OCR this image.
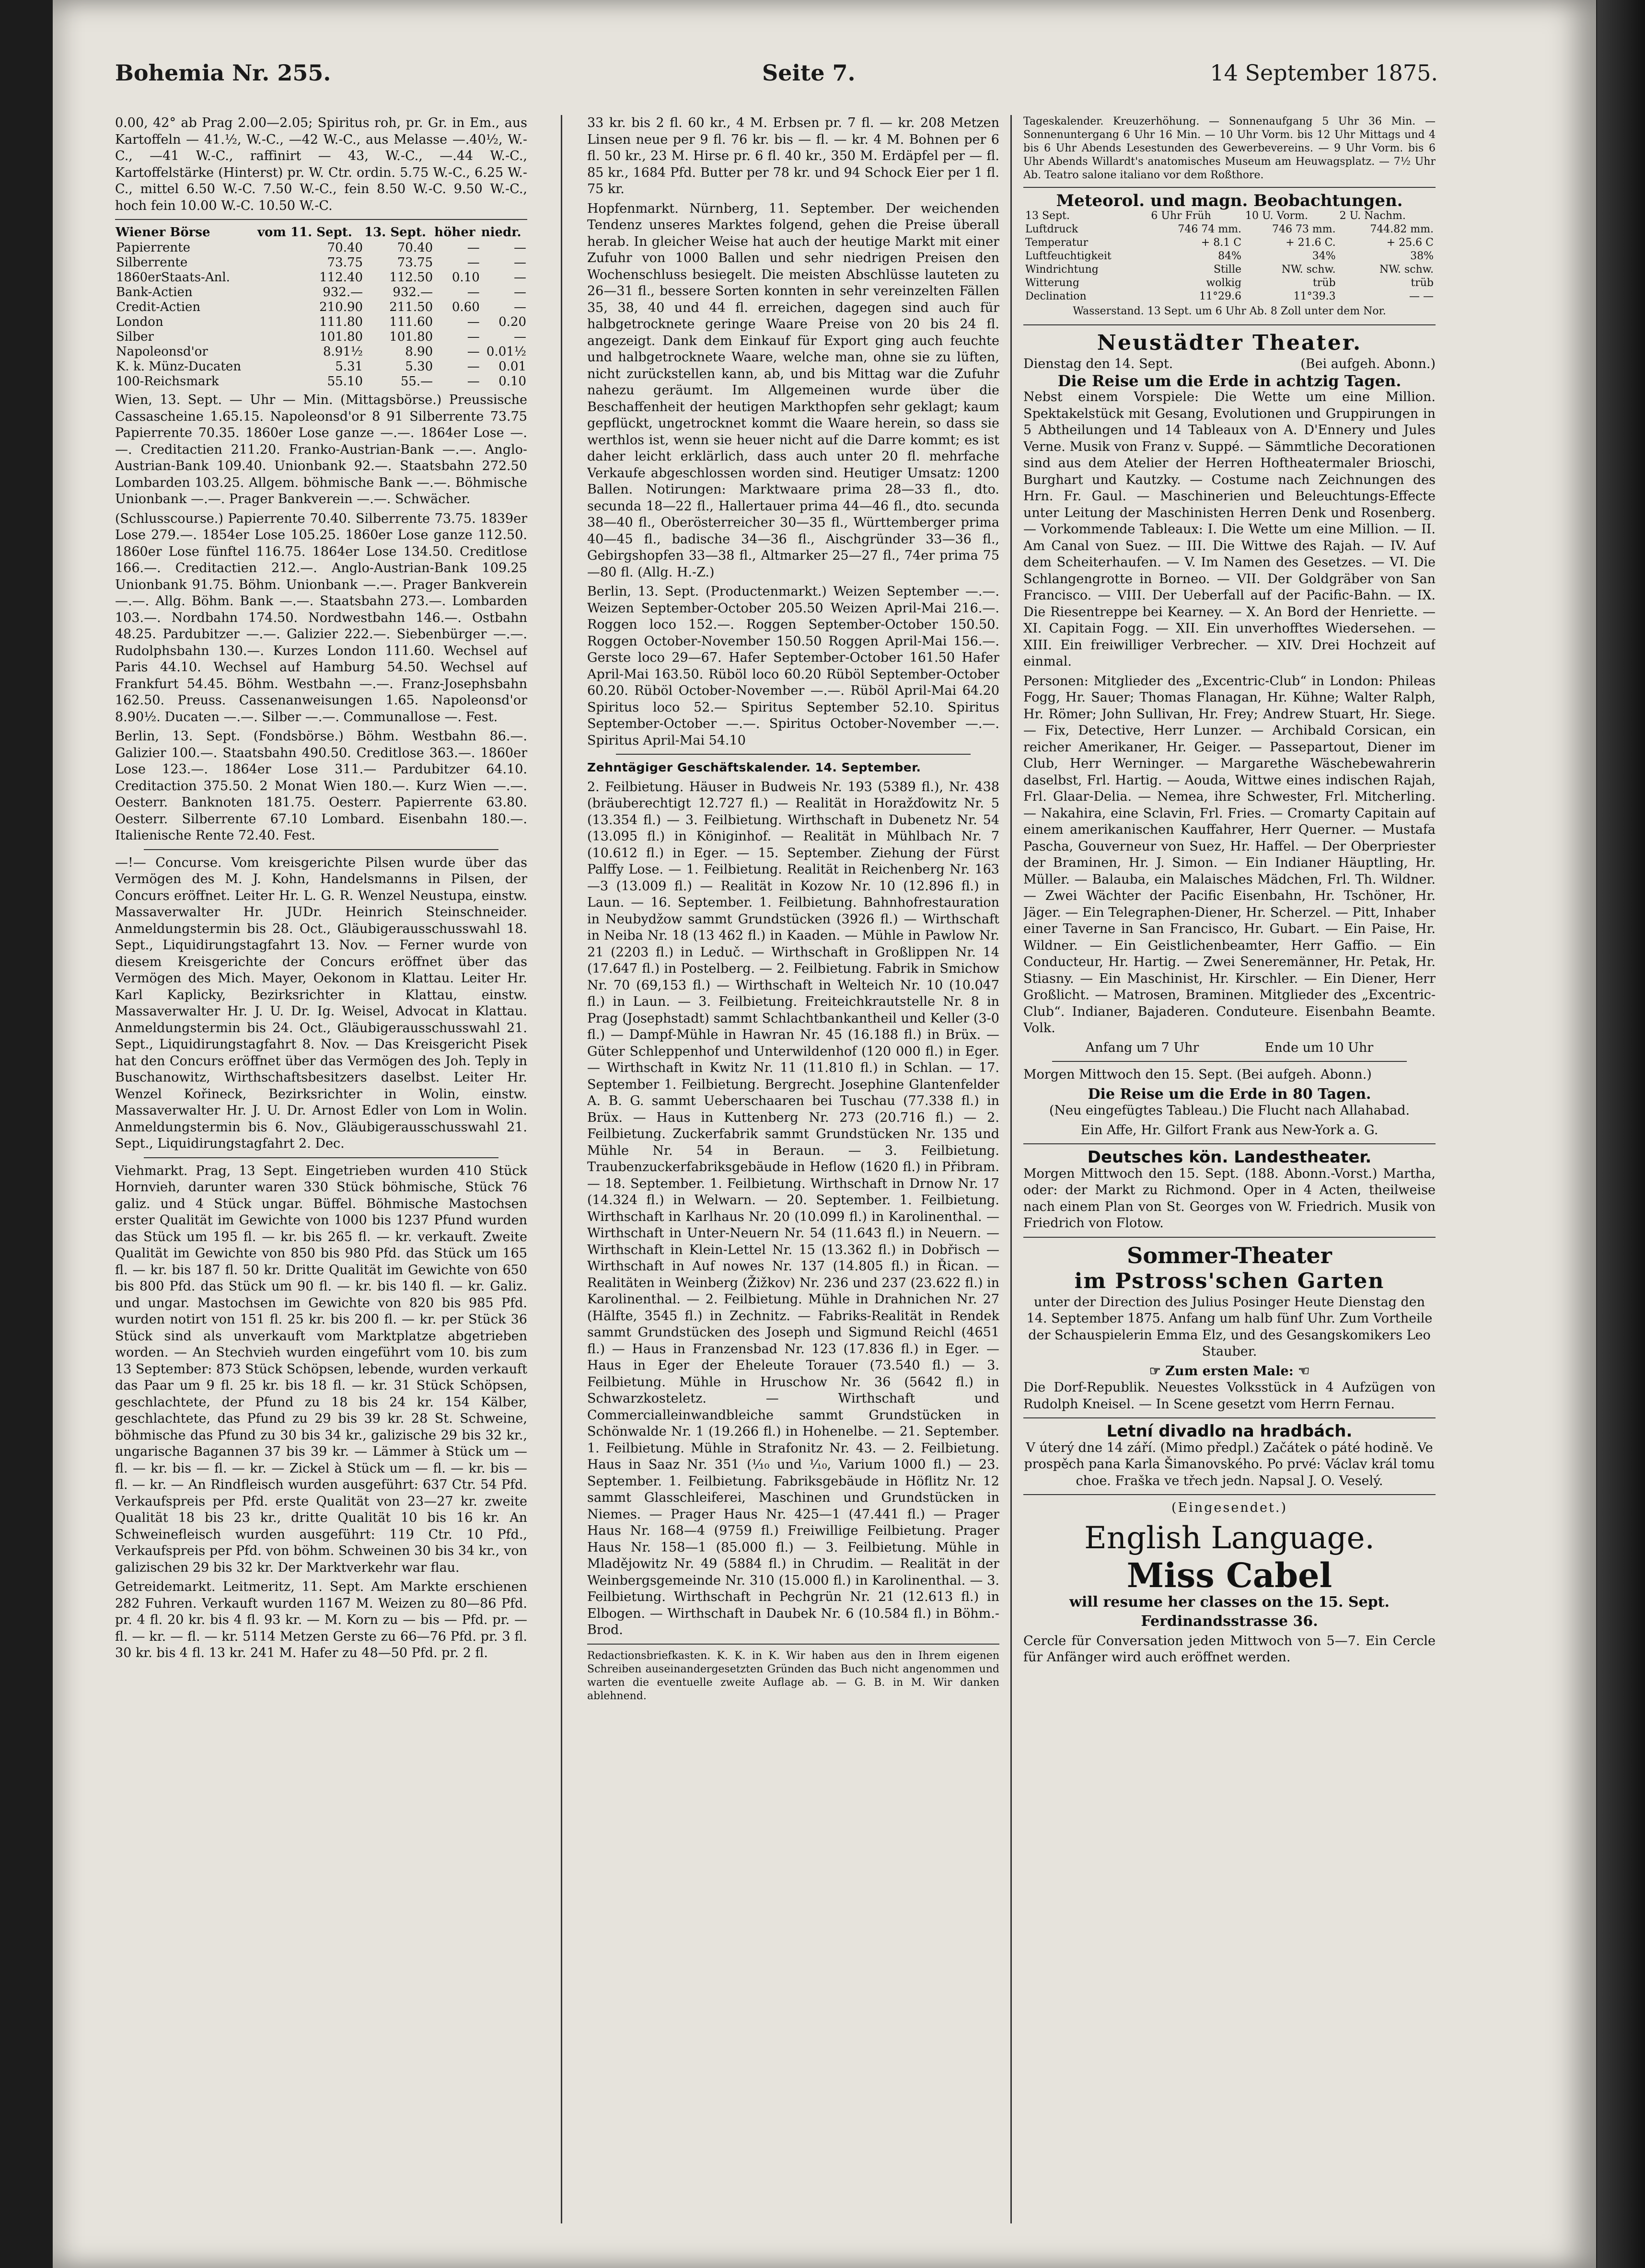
Bohemia Nr. 255.	Seite 7.	14 September 1875.

0.00, 42° ab Prag 2.00—2.05; Spiritus roh, pr. Gr. in Em., aus Kartoffeln — 41.½, W.-C., —42 W.-C., aus Melasse —.40½, W.-C., —41 W.-C., raffinirt — 43, W.-C., —.44 W.-C., Kartoffelstärke (Hinterst) pr. W. Ctr. ordin. 5.75 W.-C., 6.25 W.-C., mittel 6.50 W.-C. 7.50 W.-C., fein 8.50 W.-C. 9.50 W.-C., hoch fein 10.00 W.-C. 10.50 W.-C.

Wiener Börse	vom 11. Sept.	13. Sept.	höher	niedr.
Papierrente	70.40	70.40	—	—
Silberrente	73.75	73.75	—	—
1860erStaats-Anl.	112.40	112.50	0.10	—
Bank-Actien	932.—	932.—	—	—
Credit-Actien	210.90	211.50	0.60	—
London	111.80	111.60	—	0.20
Silber	101.80	101.80	—	—
Napoleonsd'or	8.91½	8.90	—	0.01½
K. k. Münz-Ducaten	5.31	5.30	—	0.01
100-Reichsmark	55.10	55.—	—	0.10

Wien, 13. Sept. — Uhr — Min. (Mittagsbörse.) Preussische Cassascheine 1.65.15. Napoleonsd'or 8 91 Silberrente 73.75 Papierrente 70.35. 1860er Lose ganze —.—. 1864er Lose —.—. Creditactien 211.20. Franko-Austrian-Bank —.—. Anglo-Austrian-Bank 109.40. Unionbank 92.—. Staatsbahn 272.50 Lombarden 103.25. Allgem. böhmische Bank —.—. Böhmische Unionbank —.—. Prager Bankverein —.—. Schwächer.

(Schlusscourse.) Papierrente 70.40. Silberrente 73.75. 1839er Lose 279.—. 1854er Lose 105.25. 1860er Lose ganze 112.50. 1860er Lose fünftel 116.75. 1864er Lose 134.50. Creditlose 166.—. Creditactien 212.—. Anglo-Austrian-Bank 109.25 Unionbank 91.75. Böhm. Unionbank —.—. Prager Bankverein —.—. Allg. Böhm. Bank —.—. Staatsbahn 273.—. Lombarden 103.—. Nordbahn 174.50. Nordwestbahn 146.—. Ostbahn 48.25. Pardubitzer —.—. Galizier 222.—. Siebenbürger —.—. Rudolphsbahn 130.—. Kurzes London 111.60. Wechsel auf Paris 44.10. Wechsel auf Hamburg 54.50. Wechsel auf Frankfurt 54.45. Böhm. Westbahn —.—. Franz-Josephsbahn 162.50. Preuss. Cassenanweisungen 1.65. Napoleonsd'or 8.90½. Ducaten —.—. Silber —.—. Communallose —. Fest.

Berlin, 13. Sept. (Fondsbörse.) Böhm. Westbahn 86.—. Galizier 100.—. Staatsbahn 490.50. Creditlose 363.—. 1860er Lose 123.—. 1864er Lose 311.— Pardubitzer 64.10. Creditaction 375.50. 2 Monat Wien 180.—. Kurz Wien —.—. Oesterr. Banknoten 181.75. Oesterr. Papierrente 63.80. Oesterr. Silberrente 67.10 Lombard. Eisenbahn 180.—. Italienische Rente 72.40. Fest.

—!— Concurse. Vom kreisgerichte Pilsen wurde über das Vermögen des M. J. Kohn, Handelsmanns in Pilsen, der Concurs eröffnet. Leiter Hr. L. G. R. Wenzel Neustupa, einstw. Massaverwalter Hr. JUDr. Heinrich Steinschneider. Anmeldungstermin bis 28. Oct., Gläubigerausschusswahl 18. Sept., Liquidirungstagfahrt 13. Nov. — Ferner wurde von diesem Kreisgerichte der Concurs eröffnet über das Vermögen des Mich. Mayer, Oekonom in Klattau. Leiter Hr. Karl Kaplicky, Bezirksrichter in Klattau, einstw. Massaverwalter Hr. J. U. Dr. Ig. Weisel, Advocat in Klattau. Anmeldungstermin bis 24. Oct., Gläubigerausschusswahl 21. Sept., Liquidirungstagfahrt 8. Nov. — Das Kreisgericht Pisek hat den Concurs eröffnet über das Vermögen des Joh. Teply in Buschanowitz, Wirthschaftsbesitzers daselbst. Leiter Hr. Wenzel Kořineck, Bezirksrichter in Wolin, einstw. Massaverwalter Hr. J. U. Dr. Arnost Edler von Lom in Wolin. Anmeldungstermin bis 6. Nov., Gläubigerausschusswahl 21. Sept., Liquidirungstagfahrt 2. Dec.

Viehmarkt. Prag, 13 Sept. Eingetrieben wurden 410 Stück Hornvieh, darunter waren 330 Stück böhmische, Stück 76 galiz. und 4 Stück ungar. Büffel. Böhmische Mastochsen erster Qualität im Gewichte von 1000 bis 1237 Pfund wurden das Stück um 195 fl. — kr. bis 265 fl. — kr. verkauft. Zweite Qualität im Gewichte von 850 bis 980 Pfd. das Stück um 165 fl. — kr. bis 187 fl. 50 kr. Dritte Qualität im Gewichte von 650 bis 800 Pfd. das Stück um 90 fl. — kr. bis 140 fl. — kr. Galiz. und ungar. Mastochsen im Gewichte von 820 bis 985 Pfd. wurden notirt von 151 fl. 25 kr. bis 200 fl. — kr. per Stück 36 Stück sind als unverkauft vom Marktplatze abgetrieben worden. — An Stechvieh wurden eingeführt vom 10. bis zum 13 September: 873 Stück Schöpsen, lebende, wurden verkauft das Paar um 9 fl. 25 kr. bis 18 fl. — kr. 31 Stück Schöpsen, geschlachtete, der Pfund zu 18 bis 24 kr. 154 Kälber, geschlachtete, das Pfund zu 29 bis 39 kr. 28 St. Schweine, böhmische das Pfund zu 30 bis 34 kr., galizische 29 bis 32 kr., ungarische Bagannen 37 bis 39 kr. — Lämmer à Stück um — fl. — kr. bis — fl. — kr. — Zickel à Stück um — fl. — kr. bis — fl. — kr. — An Rindfleisch wurden ausgeführt: 637 Ctr. 54 Pfd. Verkaufspreis per Pfd. erste Qualität von 23—27 kr. zweite Qualität 18 bis 23 kr., dritte Qualität 10 bis 16 kr. An Schweinefleisch wurden ausgeführt: 119 Ctr. 10 Pfd., Verkaufspreis per Pfd. von böhm. Schweinen 30 bis 34 kr., von galizischen 29 bis 32 kr. Der Marktverkehr war flau.

Getreidemarkt. Leitmeritz, 11. Sept. Am Markte erschienen 282 Fuhren. Verkauft wurden 1167 M. Weizen zu 80—86 Pfd. pr. 4 fl. 20 kr. bis 4 fl. 93 kr. — M. Korn zu — bis — Pfd. pr. — fl. — kr. — fl. — kr. 5114 Metzen Gerste zu 66—76 Pfd. pr. 3 fl. 30 kr. bis 4 fl. 13 kr. 241 M. Hafer zu 48—50 Pfd. pr. 2 fl.

33 kr. bis 2 fl. 60 kr., 4 M. Erbsen pr. 7 fl. — kr. 208 Metzen Linsen neue per 9 fl. 76 kr. bis — fl. — kr. 4 M. Bohnen per 6 fl. 50 kr., 23 M. Hirse pr. 6 fl. 40 kr., 350 M. Erdäpfel per — fl. 85 kr., 1684 Pfd. Butter per 78 kr. und 94 Schock Eier per 1 fl. 75 kr.

Hopfenmarkt. Nürnberg, 11. September. Der weichenden Tendenz unseres Marktes folgend, gehen die Preise überall herab. In gleicher Weise hat auch der heutige Markt mit einer Zufuhr von 1000 Ballen und sehr niedrigen Preisen den Wochenschluss besiegelt. Die meisten Abschlüsse lauteten zu 26—31 fl., bessere Sorten konnten in sehr vereinzelten Fällen 35, 38, 40 und 44 fl. erreichen, dagegen sind auch für halbgetrocknete geringe Waare Preise von 20 bis 24 fl. angezeigt. Dank dem Einkauf für Export ging auch feuchte und halbgetrocknete Waare, welche man, ohne sie zu lüften, nicht zurückstellen kann, ab, und bis Mittag war die Zufuhr nahezu geräumt. Im Allgemeinen wurde über die Beschaffenheit der heutigen Markthopfen sehr geklagt; kaum gepflückt, ungetrocknet kommt die Waare herein, so dass sie werthlos ist, wenn sie heuer nicht auf die Darre kommt; es ist daher leicht erklärlich, dass auch unter 20 fl. mehrfache Verkaufe abgeschlossen worden sind. Heutiger Umsatz: 1200 Ballen. Notirungen: Marktwaare prima 28—33 fl., dto. secunda 18—22 fl., Hallertauer prima 44—46 fl., dto. secunda 38—40 fl., Oberösterreicher 30—35 fl., Württemberger prima 40—45 fl., badische 34—36 fl., Aischgründer 33—36 fl., Gebirgshopfen 33—38 fl., Altmarker 25—27 fl., 74er prima 75—80 fl. (Allg. H.-Z.)

Berlin, 13. Sept. (Productenmarkt.) Weizen September —.—. Weizen September-October 205.50 Weizen April-Mai 216.—. Roggen loco 152.—. Roggen September-October 150.50. Roggen October-November 150.50 Roggen April-Mai 156.—. Gerste loco 29—67. Hafer September-October 161.50 Hafer April-Mai 163.50. Rüböl loco 60.20 Rüböl September-October 60.20. Rüböl October-November —.—. Rüböl April-Mai 64.20 Spiritus loco 52.— Spiritus September 52.10. Spiritus September-October —.—. Spiritus October-November —.—. Spiritus April-Mai 54.10

Zehntägiger Geschäftskalender. 14. September.

2. Feilbietung. Häuser in Budweis Nr. 193 (5389 fl.), Nr. 438 (bräuberechtigt 12.727 fl.) — Realität in Horažďowitz Nr. 5 (13.354 fl.) — 3. Feilbietung. Wirthschaft in Dubenetz Nr. 54 (13.095 fl.) in Königinhof. — Realität in Mühlbach Nr. 7 (10.612 fl.) in Eger. — 15. September. Ziehung der Fürst Palffy Lose. — 1. Feilbietung. Realität in Reichenberg Nr. 163—3 (13.009 fl.) — Realität in Kozow Nr. 10 (12.896 fl.) in Laun. — 16. September. 1. Feilbietung. Bahnhofrestauration in Neubydžow sammt Grundstücken (3926 fl.) — Wirthschaft in Neiba Nr. 18 (13 462 fl.) in Kaaden. — Mühle in Pawlow Nr. 21 (2203 fl.) in Leduč. — Wirthschaft in Großlippen Nr. 14 (17.647 fl.) in Postelberg. — 2. Feilbietung. Fabrik in Smichow Nr. 70 (69,153 fl.) — Wirthschaft in Welteich Nr. 10 (10.047 fl.) in Laun. — 3. Feilbietung. Freiteichkrautstelle Nr. 8 in Prag (Josephstadt) sammt Schlachtbankantheil und Keller (3-0 fl.) — Dampf-Mühle in Hawran Nr. 45 (16.188 fl.) in Brüx. — Güter Schleppenhof und Unterwildenhof (120 000 fl.) in Eger. — Wirthschaft in Kwitz Nr. 11 (11.810 fl.) in Schlan. — 17. September 1. Feilbietung. Bergrecht. Josephine Glantenfelder A. B. G. sammt Ueberschaaren bei Tuschau (77.338 fl.) in Brüx. — Haus in Kuttenberg Nr. 273 (20.716 fl.) — 2. Feilbietung. Zuckerfabrik sammt Grundstücken Nr. 135 und Mühle Nr. 54 in Beraun. — 3. Feilbietung. Traubenzuckerfabriksgebäude in Heflow (1620 fl.) in Přibram. — 18. September. 1. Feilbietung. Wirthschaft in Drnow Nr. 17 (14.324 fl.) in Welwarn. — 20. September. 1. Feilbietung. Wirthschaft in Karlhaus Nr. 20 (10.099 fl.) in Karolinenthal. — Wirthschaft in Unter-Neuern Nr. 54 (11.643 fl.) in Neuern. — Wirthschaft in Klein-Lettel Nr. 15 (13.362 fl.) in Dobřisch — Wirthschaft in Auf nowes Nr. 137 (14.805 fl.) in Řican. — Realitäten in Weinberg (Žižkov) Nr. 236 und 237 (23.622 fl.) in Karolinenthal. — 2. Feilbietung. Mühle in Drahnichen Nr. 27 (Hälfte, 3545 fl.) in Zechnitz. — Fabriks-Realität in Rendek sammt Grundstücken des Joseph und Sigmund Reichl (4651 fl.) — Haus in Franzensbad Nr. 123 (17.836 fl.) in Eger. — Haus in Eger der Eheleute Torauer (73.540 fl.) — 3. Feilbietung. Mühle in Hruschow Nr. 36 (5642 fl.) in Schwarzkosteletz. — Wirthschaft und Commercialleinwandbleiche sammt Grundstücken in Schönwalde Nr. 1 (19.266 fl.) in Hohenelbe. — 21. September. 1. Feilbietung. Mühle in Strafonitz Nr. 43. — 2. Feilbietung. Haus in Saaz Nr. 351 (⅟₁₀ und ⅟₁₀, Varium 1000 fl.) — 23. September. 1. Feilbietung. Fabriksgebäude in Höflitz Nr. 12 sammt Glasschleiferei, Maschinen und Grundstücken in Niemes. — Prager Haus Nr. 425—1 (47.441 fl.) — Prager Haus Nr. 168—4 (9759 fl.) Freiwillige Feilbietung. Prager Haus Nr. 158—1 (85.000 fl.) — 3. Feilbietung. Mühle in Mladějowitz Nr. 49 (5884 fl.) in Chrudim. — Realität in der Weinbergsgemeinde Nr. 310 (15.000 fl.) in Karolinenthal. — 3. Feilbietung. Wirthschaft in Pechgrün Nr. 21 (12.613 fl.) in Elbogen. — Wirthschaft in Daubek Nr. 6 (10.584 fl.) in Böhm.-Brod.

Redactionsbriefkasten. K. K. in K. Wir haben aus den in Ihrem eigenen Schreiben auseinandergesetzten Gründen das Buch nicht angenommen und warten die eventuelle zweite Auflage ab. — G. B. in M. Wir danken ablehnend.

Tageskalender. Kreuzerhöhung. — Sonnenaufgang 5 Uhr 36 Min. — Sonnenuntergang 6 Uhr 16 Min. — 10 Uhr Vorm. bis 12 Uhr Mittags und 4 bis 6 Uhr Abends Lesestunden des Gewerbevereins. — 9 Uhr Vorm. bis 6 Uhr Abends Willardt's anatomisches Museum am Heuwagsplatz. — 7½ Uhr Ab. Teatro salone italiano vor dem Roßthore.

Meteorol. und magn. Beobachtungen.
13 Sept.	6 Uhr Früh	10 U. Vorm.	2 U. Nachm.
Luftdruck	746 74 mm.	746 73 mm.	744.82 mm.
Temperatur	+ 8.1 C	+ 21.6 C.	+ 25.6 C
Luftfeuchtigkeit	84%	34%	38%
Windrichtung	Stille	NW. schw.	NW. schw.
Witterung	wolkig	trüb	trüb
Declination	11°29.6	11°39.3	— —

Wasserstand. 13 Sept. um 6 Uhr Ab. 8 Zoll unter dem Nor.

Neustädter Theater.
Dienstag den 14. Sept.	(Bei aufgeh. Abonn.)
Die Reise um die Erde in achtzig Tagen.

Nebst einem Vorspiele: Die Wette um eine Million. Spektakelstück mit Gesang, Evolutionen und Gruppirungen in 5 Abtheilungen und 14 Tableaux von A. D'Ennery und Jules Verne. Musik von Franz v. Suppé. — Sämmtliche Decorationen sind aus dem Atelier der Herren Hoftheatermaler Brioschi, Burghart und Kautzky. — Costume nach Zeichnungen des Hrn. Fr. Gaul. — Maschinerien und Beleuchtungs-Effecte unter Leitung der Maschinisten Herren Denk und Rosenberg. — Vorkommende Tableaux: I. Die Wette um eine Million. — II. Am Canal von Suez. — III. Die Wittwe des Rajah. — IV. Auf dem Scheiterhaufen. — V. Im Namen des Gesetzes. — VI. Die Schlangengrotte in Borneo. — VII. Der Goldgräber von San Francisco. — VIII. Der Ueberfall auf der Pacific-Bahn. — IX. Die Riesentreppe bei Kearney. — X. An Bord der Henriette. — XI. Capitain Fogg. — XII. Ein unverhofftes Wiedersehen. — XIII. Ein freiwilliger Verbrecher. — XIV. Drei Hochzeit auf einmal.

Personen: Mitglieder des „Excentric-Club“ in London: Phileas Fogg, Hr. Sauer; Thomas Flanagan, Hr. Kühne; Walter Ralph, Hr. Römer; John Sullivan, Hr. Frey; Andrew Stuart, Hr. Siege. — Fix, Detective, Herr Lunzer. — Archibald Corsican, ein reicher Amerikaner, Hr. Geiger. — Passepartout, Diener im Club, Herr Werninger. — Margarethe Wäschebewahrerin daselbst, Frl. Hartig. — Aouda, Wittwe eines indischen Rajah, Frl. Glaar-Delia. — Nemea, ihre Schwester, Frl. Mitcherling. — Nakahira, eine Sclavin, Frl. Fries. — Cromarty Capitain auf einem amerikanischen Kauffahrer, Herr Querner. — Mustafa Pascha, Gouverneur von Suez, Hr. Haffel. — Der Oberpriester der Braminen, Hr. J. Simon. — Ein Indianer Häuptling, Hr. Müller. — Balauba, ein Malaisches Mädchen, Frl. Th. Wildner. — Zwei Wächter der Pacific Eisenbahn, Hr. Tschöner, Hr. Jäger. — Ein Telegraphen-Diener, Hr. Scherzel. — Pitt, Inhaber einer Taverne in San Francisco, Hr. Gubart. — Ein Paise, Hr. Wildner. — Ein Geistlichenbeamter, Herr Gaffio. — Ein Conducteur, Hr. Hartig. — Zwei Seneremänner, Hr. Petak, Hr. Stiasny. — Ein Maschinist, Hr. Kirschler. — Ein Diener, Herr Großlicht. — Matrosen, Braminen. Mitglieder des „Excentric-Club“. Indianer, Bajaderen. Conduteure. Eisenbahn Beamte. Volk.

Anfang um 7 Uhr                Ende um 10 Uhr

Morgen Mittwoch den 15. Sept. (Bei aufgeh. Abonn.)

Die Reise um die Erde in 80 Tagen.

(Neu eingefügtes Tableau.) Die Flucht nach Allahabad.

Ein Affe, Hr. Gilfort Frank aus New-York a. G.

Deutsches kön. Landestheater.

Morgen Mittwoch den 15. Sept. (188. Abonn.-Vorst.) Martha, oder: der Markt zu Richmond. Oper in 4 Acten, theilweise nach einem Plan von St. Georges von W. Friedrich. Musik von Friedrich von Flotow.

Sommer-Theater
im Pstross'schen Garten

unter der Direction des Julius Posinger Heute Dienstag den 14. September 1875. Anfang um halb fünf Uhr. Zum Vortheile der Schauspielerin Emma Elz, und des Gesangskomikers Leo Stauber.

☞ Zum ersten Male: ☜

Die Dorf-Republik. Neuestes Volksstück in 4 Aufzügen von Rudolph Kneisel. — In Scene gesetzt vom Herrn Fernau.

Letní divadlo na hradbách.

V úterý dne 14 září. (Mimo předpl.) Začátek o páté hodině. Ve prospěch pana Karla Šimanovského. Po prvé: Václav král tomu choe. Fraška ve třech jedn. Napsal J. O. Veselý.

(Eingesendet.)

English Language.
Miss Cabel

will resume her classes on the 15. Sept.

Ferdinandsstrasse 36.

Cercle für Conversation jeden Mittwoch von 5—7. Ein Cercle für Anfänger wird auch eröffnet werden.
